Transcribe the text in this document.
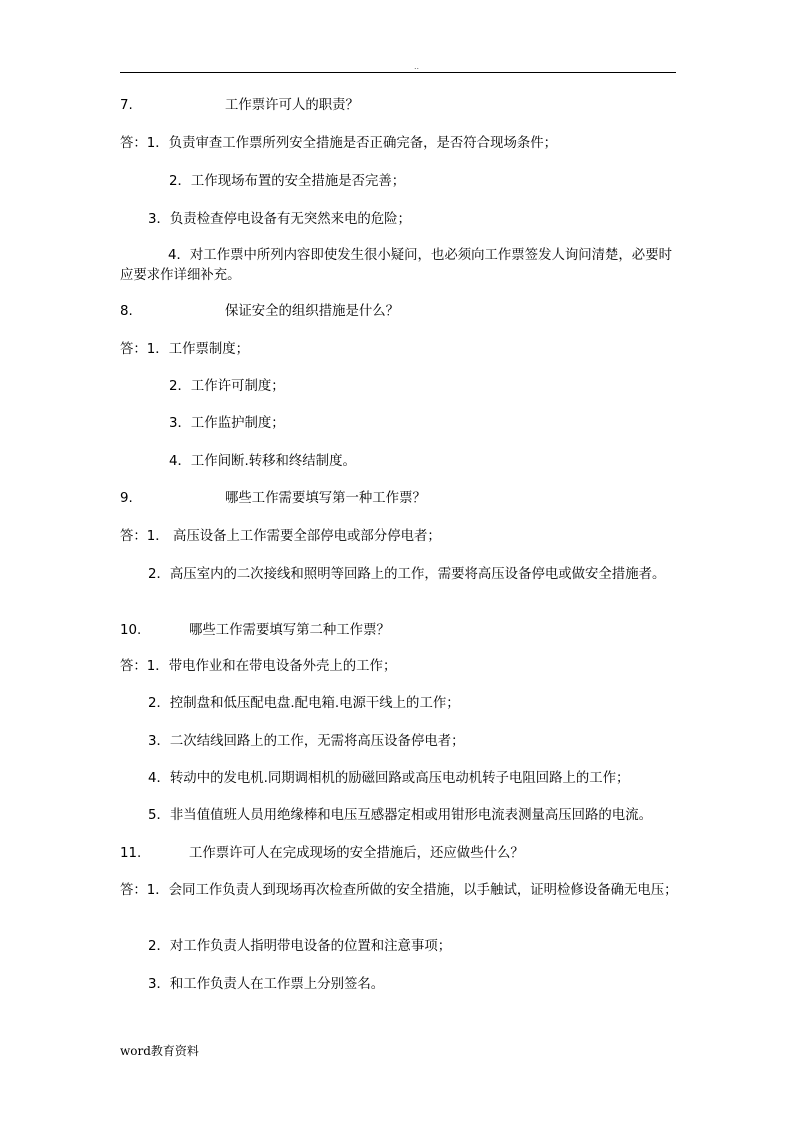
..
7.	工作票许可人的职责？
答：1．负责审查工作票所列安全措施是否正确完备，是否符合现场条件；
2．工作现场布置的安全措施是否完善；
3．负责检查停电设备有无突然来电的危险；
4．对工作票中所列内容即使发生很小疑问，也必须向工作票签发人询问清楚，必要时应要求作详细补充。
8.	保证安全的组织措施是什么？
答：1．工作票制度；
2．工作许可制度；
3．工作监护制度；
4．工作间断.转移和终结制度。
9.	哪些工作需要填写第一种工作票？
答：1． 高压设备上工作需要全部停电或部分停电者；
2．高压室内的二次接线和照明等回路上的工作，需要将高压设备停电或做安全措施者。
10.	哪些工作需要填写第二种工作票？
答：1．带电作业和在带电设备外壳上的工作；
2．控制盘和低压配电盘.配电箱.电源干线上的工作；
3．二次结线回路上的工作，无需将高压设备停电者；
4．转动中的发电机.同期调相机的励磁回路或高压电动机转子电阻回路上的工作；
5．非当值值班人员用绝缘棒和电压互感器定相或用钳形电流表测量高压回路的电流。
11.	工作票许可人在完成现场的安全措施后，还应做些什么？
答：1．会同工作负责人到现场再次检查所做的安全措施，以手触试，证明检修设备确无电压；
2．对工作负责人指明带电设备的位置和注意事项；
3．和工作负责人在工作票上分别签名。
word教育资料
